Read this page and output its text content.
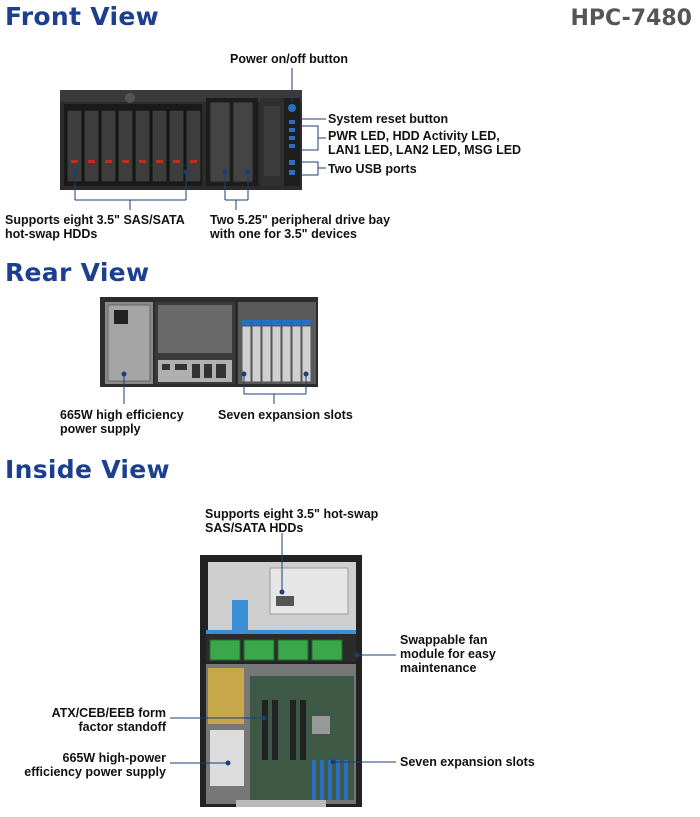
Front View	HPC-7480
Rear View
Inside View
Power on/off button
System reset button
PWR LED, HDD Activity LED,
LAN1 LED, LAN2 LED, MSG LED
Two USB ports
Supports eight 3.5" SAS/SATA
hot-swap HDDs
Two 5.25" peripheral drive bay
with one for 3.5" devices
665W high efficiency
power supply
Seven expansion slots
Supports eight 3.5" hot-swap
SAS/SATA HDDs
Swappable fan
module for easy
maintenance
ATX/CEB/EEB form
factor standoff
665W high-power
efficiency power supply
Seven expansion slots
